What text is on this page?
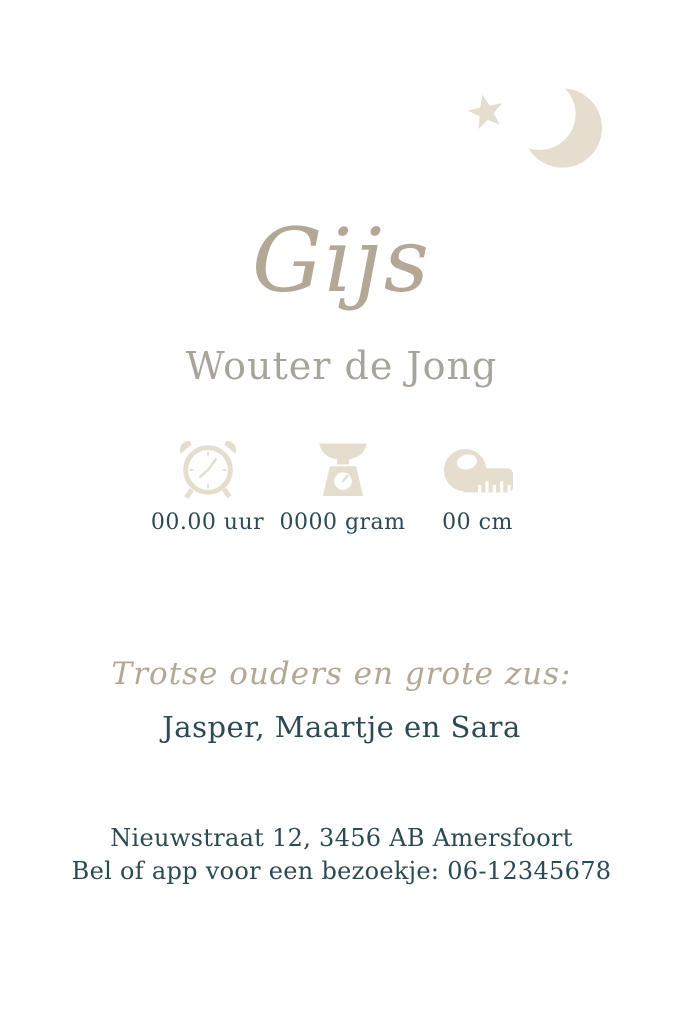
Gijs
Wouter de Jong
00.00 uur 0000 gram 00 cm
Trotse ouders en grote zus:
Jasper, Maartje en Sara
Nieuwstraat 12, 3456 AB Amersfoort
Bel of app voor een bezoekje: 06-12345678
